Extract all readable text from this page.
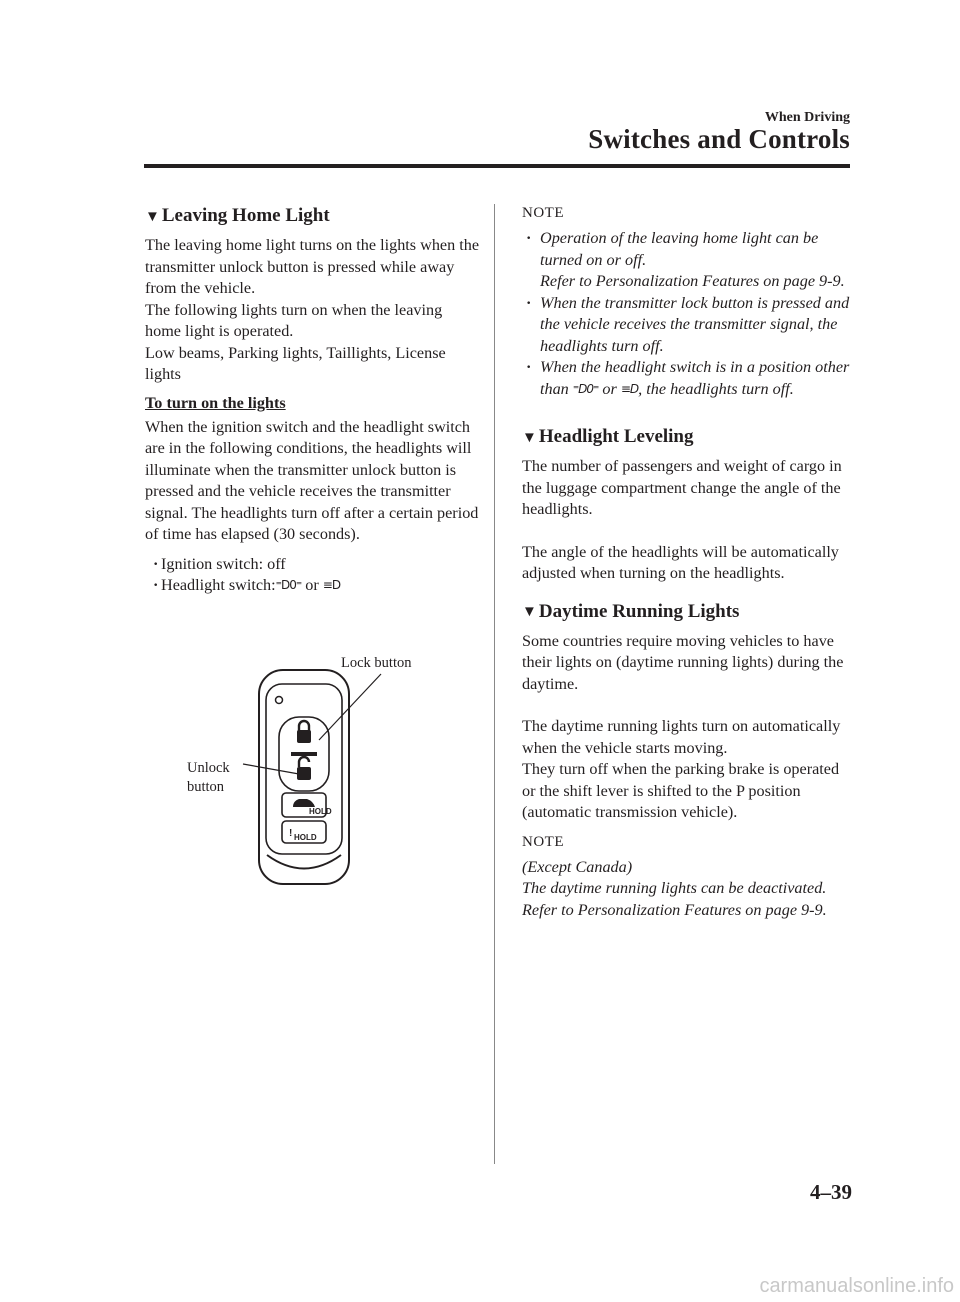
When Driving
Switches and Controls
▼ Leaving Home Light

The leaving home light turns on the lights when the transmitter unlock button is pressed while away from the vehicle.

The following lights turn on when the leaving home light is operated.

Low beams, Parking lights, Taillights, License lights

To turn on the lights

When the ignition switch and the headlight switch are in the following conditions, the headlights will illuminate when the transmitter unlock button is pressed and the vehicle receives the transmitter signal. The headlights turn off after a certain period of time has elapsed (30 seconds).

· Ignition switch: off
· Headlight switch:⁼D0⁼ or ≡D
HOLD
HOLD
!
Lock button
Unlock
button
NOTE
· Operation of the leaving home light can be turned on or off.
Refer to Personalization Features on page 9-9.
· When the transmitter lock button is pressed and the vehicle receives the transmitter signal, the headlights turn off.
· When the headlight switch is in a position other than ⁼D0⁼ or ≡D, the headlights turn off.
▼ Headlight Leveling

The number of passengers and weight of cargo in the luggage compartment change the angle of the headlights.

The angle of the headlights will be automatically adjusted when turning on the headlights.

▼ Daytime Running Lights

Some countries require moving vehicles to have their lights on (daytime running lights) during the daytime.

The daytime running lights turn on automatically when the vehicle starts moving.

They turn off when the parking brake is operated or the shift lever is shifted to the P position (automatic transmission vehicle).

NOTE

(Except Canada)

The daytime running lights can be deactivated.

Refer to Personalization Features on page 9-9.

4–39
carmanualsonline.info
